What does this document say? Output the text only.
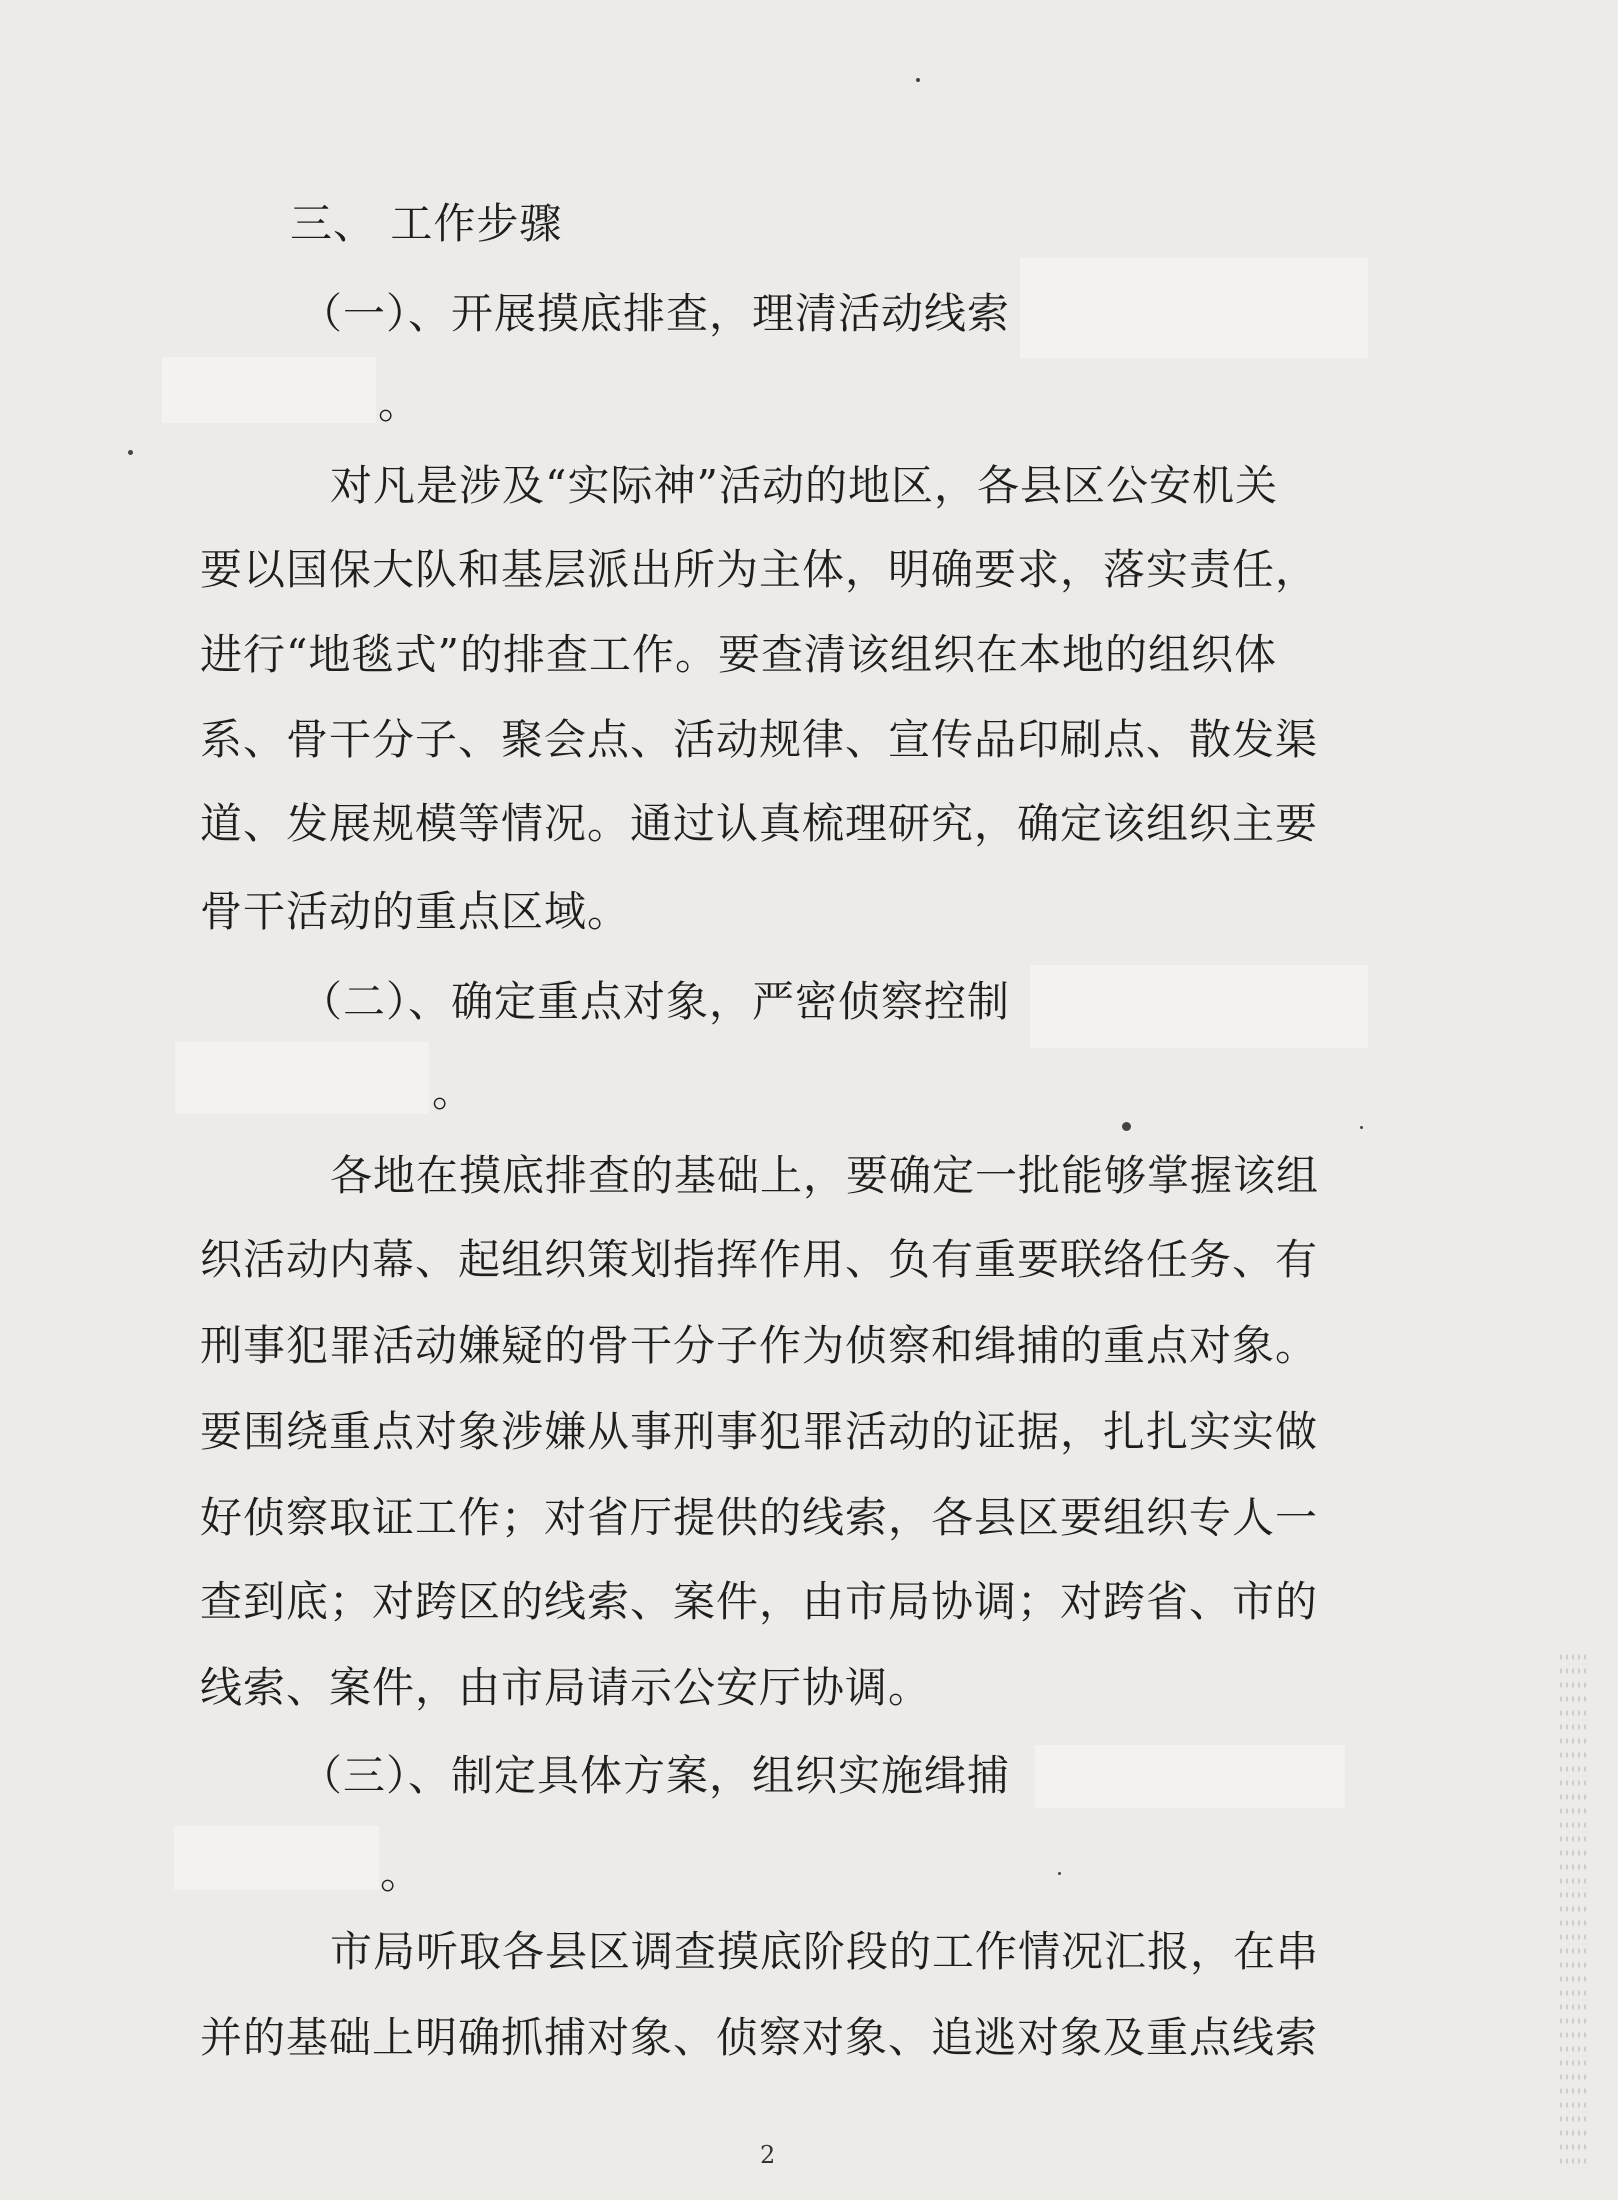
三、 工作步骤
（一）、开展摸底排查，理清活动线索
。
对凡是涉及“实际神”活动的地区，各县区公安机关
要以国保大队和基层派出所为主体，明确要求，落实责任，
进行“地毯式”的排查工作。要查清该组织在本地的组织体
系、骨干分子、聚会点、活动规律、宣传品印刷点、散发渠
道、发展规模等情况。通过认真梳理研究，确定该组织主要
骨干活动的重点区域。
（二）、确定重点对象，严密侦察控制
。
各地在摸底排查的基础上，要确定一批能够掌握该组
织活动内幕、起组织策划指挥作用、负有重要联络任务、有
刑事犯罪活动嫌疑的骨干分子作为侦察和缉捕的重点对象。
要围绕重点对象涉嫌从事刑事犯罪活动的证据，扎扎实实做
好侦察取证工作；对省厅提供的线索，各县区要组织专人一
查到底；对跨区的线索、案件，由市局协调；对跨省、市的
线索、案件，由市局请示公安厅协调。
（三）、制定具体方案，组织实施缉捕
。
市局听取各县区调查摸底阶段的工作情况汇报，在串
并的基础上明确抓捕对象、侦察对象、追逃对象及重点线索
2
